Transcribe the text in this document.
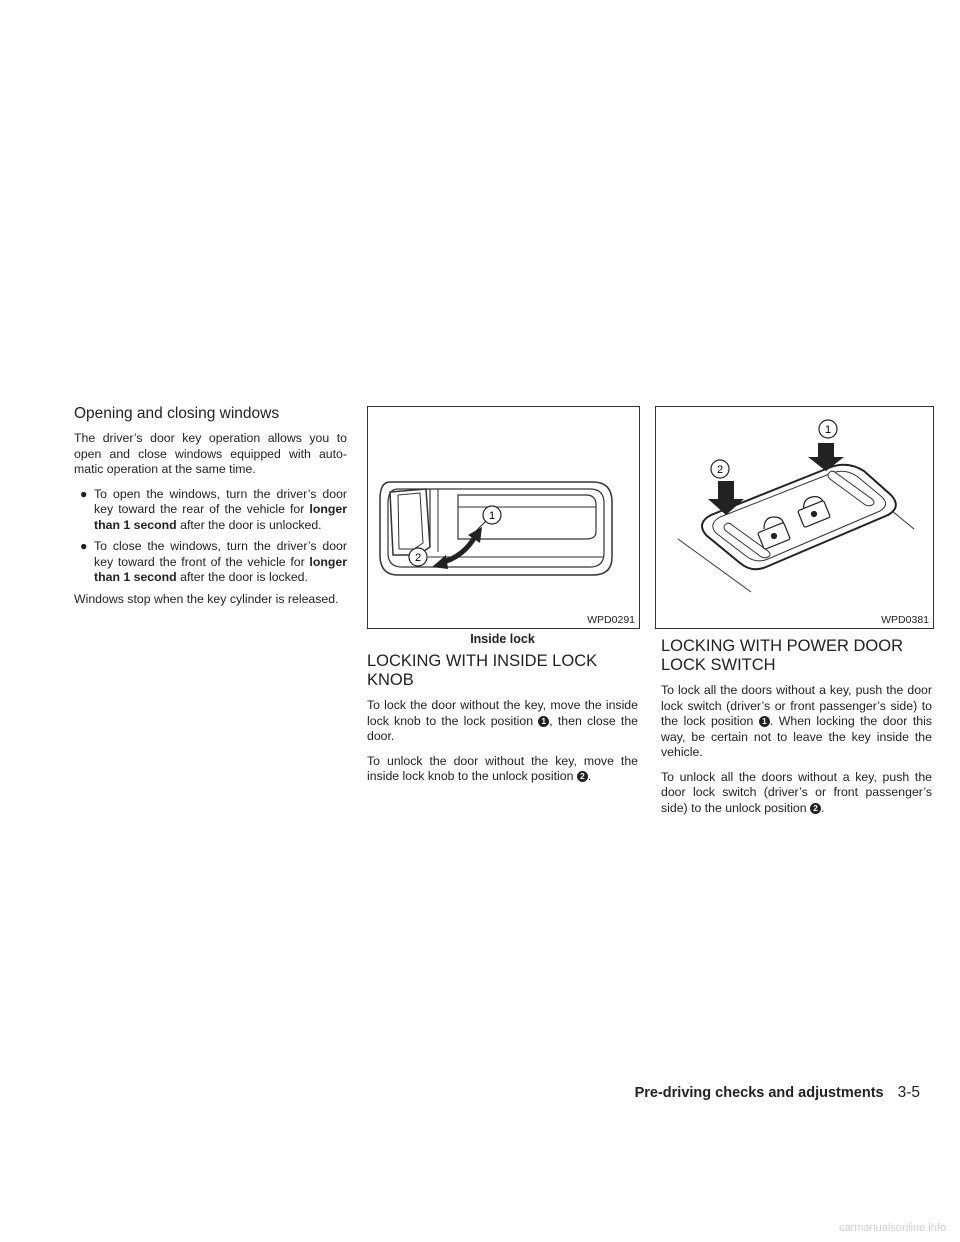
Opening and closing windows

The driver’s door key operation allows you to open and close windows equipped with auto-matic operation at the same time.

● To open the windows, turn the driver’s door key toward the rear of the vehicle for longer than 1 second after the door is unlocked.
● To close the windows, turn the driver’s door key toward the front of the vehicle for longer than 1 second after the door is locked.

Windows stop when the key cylinder is released.

1
2
WPD0291
Inside lock
2
1
WPD0381
LOCKING WITH INSIDE LOCK KNOB

To lock the door without the key, move the inside lock knob to the lock position 1 , then close the door.

To unlock the door without the key, move the inside lock knob to the unlock position 2 .

LOCKING WITH POWER DOOR LOCK SWITCH

To lock all the doors without a key, push the door lock switch (driver’s or front passenger’s side) to the lock position 1 . When locking the door this way, be certain not to leave the key inside the vehicle.

To unlock all the doors without a key, push the door lock switch (driver’s or front passenger’s side) to the unlock position 2 .

Pre-driving checks and adjustments 3-5
carmanualsonline.info
